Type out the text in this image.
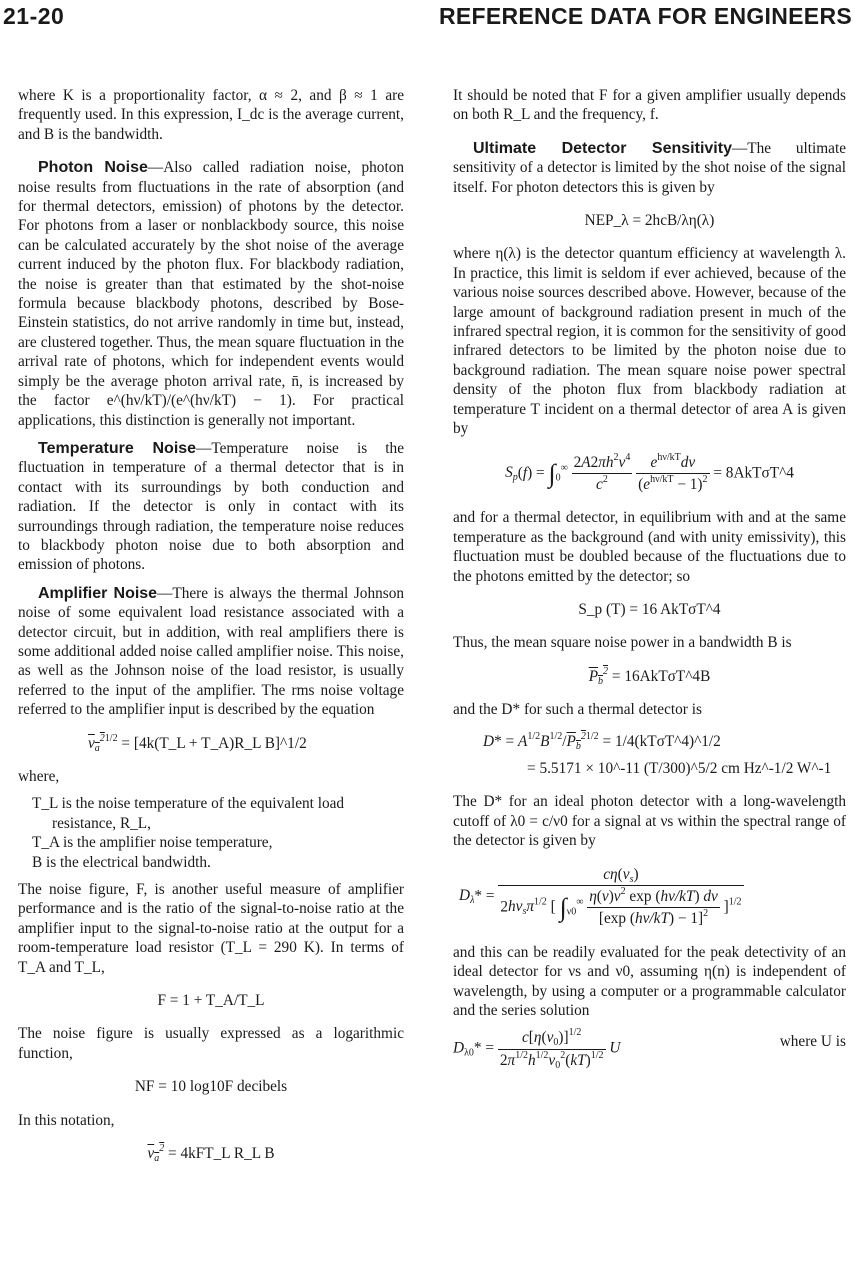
21-20	REFERENCE DATA FOR ENGINEERS

where K is a proportionality factor, α ≈ 2, and β ≈ 1 are frequently used. In this expression, I_dc is the average current, and B is the bandwidth.

Photon Noise—Also called radiation noise, photon noise results from fluctuations in the rate of absorption (and for thermal detectors, emission) of photons by the detector. For photons from a laser or nonblackbody source, this noise can be calculated accurately by the shot noise of the average current induced by the photon flux. For blackbody radiation, the noise is greater than that estimated by the shot-noise formula because blackbody photons, described by Bose-Einstein statistics, do not arrive randomly in time but, instead, are clustered together. Thus, the mean square fluctuation in the arrival rate of photons, which for independent events would simply be the average photon arrival rate, n̄, is increased by the factor e^(hν/kT)/(e^(hν/kT) − 1). For practical applications, this distinction is generally not important.

Temperature Noise—Temperature noise is the fluctuation in temperature of a thermal detector that is in contact with its surroundings by both conduction and radiation. If the detector is only in contact with its surroundings through radiation, the temperature noise reduces to blackbody photon noise due to both absorption and emission of photons.

Amplifier Noise—There is always the thermal Johnson noise of some equivalent load resistance associated with a detector circuit, but in addition, with real amplifiers there is some additional added noise called amplifier noise. This noise, as well as the Johnson noise of the load resistor, is usually referred to the input of the amplifier. The rms noise voltage referred to the amplifier input is described by the equation

$v_a^{21/2}$ = [4k(T_L + T_A)R_L B]^1/2

where,

T_L is the noise temperature of the equivalent load resistance, R_L,
T_A is the amplifier noise temperature,
B is the electrical bandwidth.

The noise figure, F, is another useful measure of amplifier performance and is the ratio of the signal-to-noise ratio at the amplifier input to the signal-to-noise ratio at the output for a room-temperature load resistor (T_L = 290 K). In terms of T_A and T_L,

F = 1 + T_A/T_L

The noise figure is usually expressed as a logarithmic function,

NF = 10 log10F decibels

In this notation,

$v_a^2$ = 4kFT_L R_L B

It should be noted that F for a given amplifier usually depends on both R_L and the frequency, f.

Ultimate Detector Sensitivity—The ultimate sensitivity of a detector is limited by the shot noise of the signal itself. For photon detectors this is given by

NEP_λ = 2hcB/λη(λ)

where η(λ) is the detector quantum efficiency at wavelength λ. In practice, this limit is seldom if ever achieved, because of the various noise sources described above. However, because of the large amount of background radiation present in much of the infrared spectral region, it is common for the sensitivity of good infrared detectors to be limited by the photon noise due to background radiation. The mean square noise power spectral density of the photon flux from blackbody radiation at temperature T incident on a thermal detector of area A is given by

$S_p(f) = \int_0^\infty \frac{2A2\pi h^2v^4}{c^2}$
$\frac{e^{h\nu/kT}d\nu}{(e^{h\nu/kT} - 1)^2}$ = 8AkTσT^4

and for a thermal detector, in equilibrium with and at the same temperature as the background (and with unity emissivity), this fluctuation must be doubled because of the fluctuations due to the photons emitted by the detector; so

S_p (T) = 16 AkTσT^4

Thus, the mean square noise power in a bandwidth B is

$P_b^2$ = 16AkTσT^4B

and the D* for such a thermal detector is

$D* = A^{1/2}B^{1/2}/P_b^{21/2}$ = 1/4(kTσT^4)^1/2
= 5.5171 × 10^-11 (T/300)^5/2 cm Hz^-1/2 W^-1

The D* for an ideal photon detector with a long-wavelength cutoff of λ0 = c/ν0 for a signal at νs within the spectral range of the detector is given by

$D_\lambda* = \frac{c\eta(\nu_s)}{2h\nu_s\pi^{1/2} [ \int_{\nu 0}^\infty \frac{\eta(\nu)\nu^2 \exp (h\nu/kT) d\nu}{[\exp (h\nu/kT) - 1]^2} ]^{1/2}}$

and this can be readily evaluated for the peak detectivity of an ideal detector for νs and ν0, assuming η(n) is independent of wavelength, by using a computer or a programmable calculator and the series solution

$D_{\lambda 0}* = \frac{c[\eta(\nu_0)]^{1/2}}{2\pi^{1/2}h^{1/2}\nu_0^2(kT)^{1/2}}$ U	where U is
